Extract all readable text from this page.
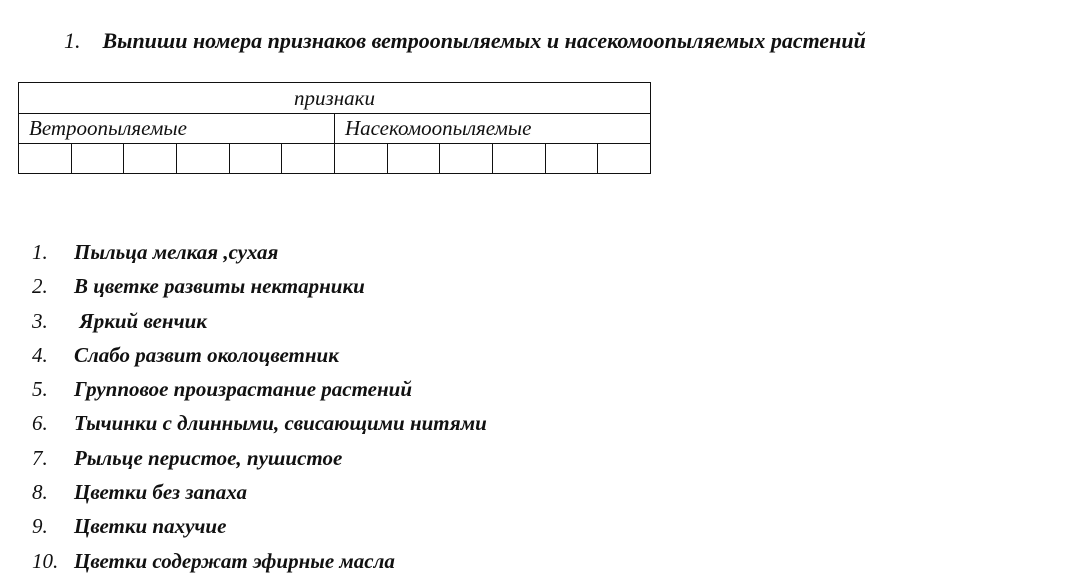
1. Выпиши номера признаков ветроопыляемых и насекомоопыляемых растений
признаки											
Ветроопыляемые						Насекомоопыляемые					

1. Пыльца мелкая ,сухая
2. В цветке развиты нектарники
3. Яркий венчик
4. Слабо развит околоцветник
5. Групповое произрастание растений
6. Тычинки с длинными, свисающими нитями
7. Рыльце перистое, пушистое
8. Цветки без запаха
9. Цветки пахучие
10. Цветки содержат эфирные масла
